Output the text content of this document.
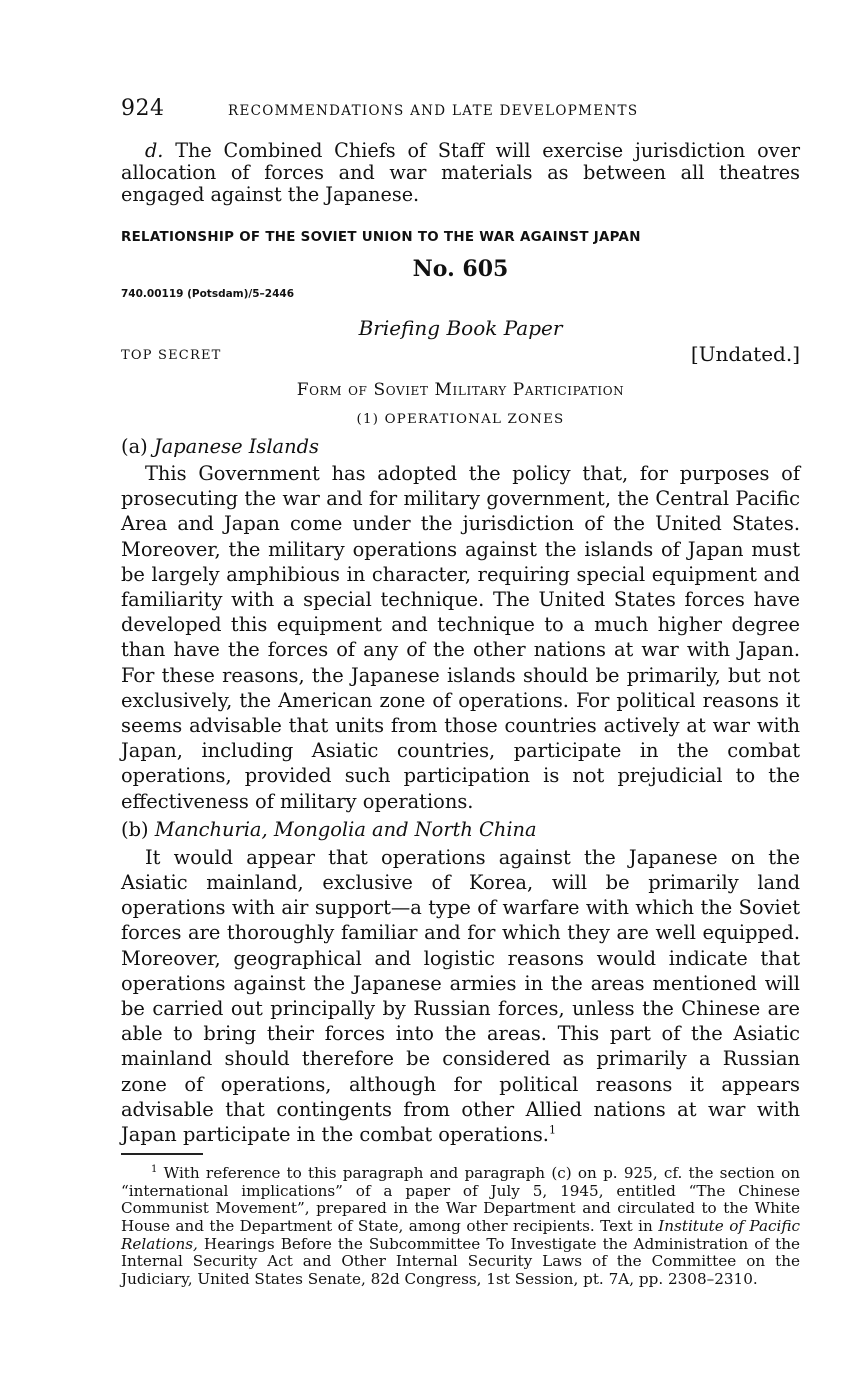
924	RECOMMENDATIONS AND LATE DEVELOPMENTS

d. The Combined Chiefs of Staff will exercise jurisdiction over allocation of forces and war materials as between all theatres engaged against the Japanese.

RELATIONSHIP OF THE SOVIET UNION TO THE WAR AGAINST JAPAN
No. 605
740.00119 (Potsdam)/5–2446
Briefing Book Paper
TOP SECRET	[Undated.]
Form of Soviet Military Participation
(1) OPERATIONAL ZONES
(a) Japanese Islands

This Government has adopted the policy that, for purposes of prosecuting the war and for military government, the Central Pacific Area and Japan come under the jurisdiction of the United States. Moreover, the military operations against the islands of Japan must be largely amphibious in character, requiring special equipment and familiarity with a special technique. The United States forces have developed this equipment and technique to a much higher degree than have the forces of any of the other nations at war with Japan. For these reasons, the Japanese islands should be primarily, but not exclusively, the American zone of operations. For political reasons it seems advisable that units from those countries actively at war with Japan, including Asiatic countries, participate in the combat operations, provided such participation is not prejudicial to the effectiveness of military operations.

(b) Manchuria, Mongolia and North China

It would appear that operations against the Japanese on the Asiatic mainland, exclusive of Korea, will be primarily land operations with air support—a type of warfare with which the Soviet forces are thoroughly familiar and for which they are well equipped. Moreover, geographical and logistic reasons would indicate that operations against the Japanese armies in the areas mentioned will be carried out principally by Russian forces, unless the Chinese are able to bring their forces into the areas. This part of the Asiatic mainland should therefore be considered as primarily a Russian zone of operations, although for political reasons it appears advisable that contingents from other Allied nations at war with Japan participate in the combat operations.$^1$

$^1$ With reference to this paragraph and paragraph (c) on p. 925, cf. the section on “international implications” of a paper of July 5, 1945, entitled “The Chinese Communist Movement”, prepared in the War Department and circulated to the White House and the Department of State, among other recipients. Text in Institute of Pacific Relations, Hearings Before the Subcommittee To Investigate the Administration of the Internal Security Act and Other Internal Security Laws of the Committee on the Judiciary, United States Senate, 82d Congress, 1st Session, pt. 7A, pp. 2308–2310.
